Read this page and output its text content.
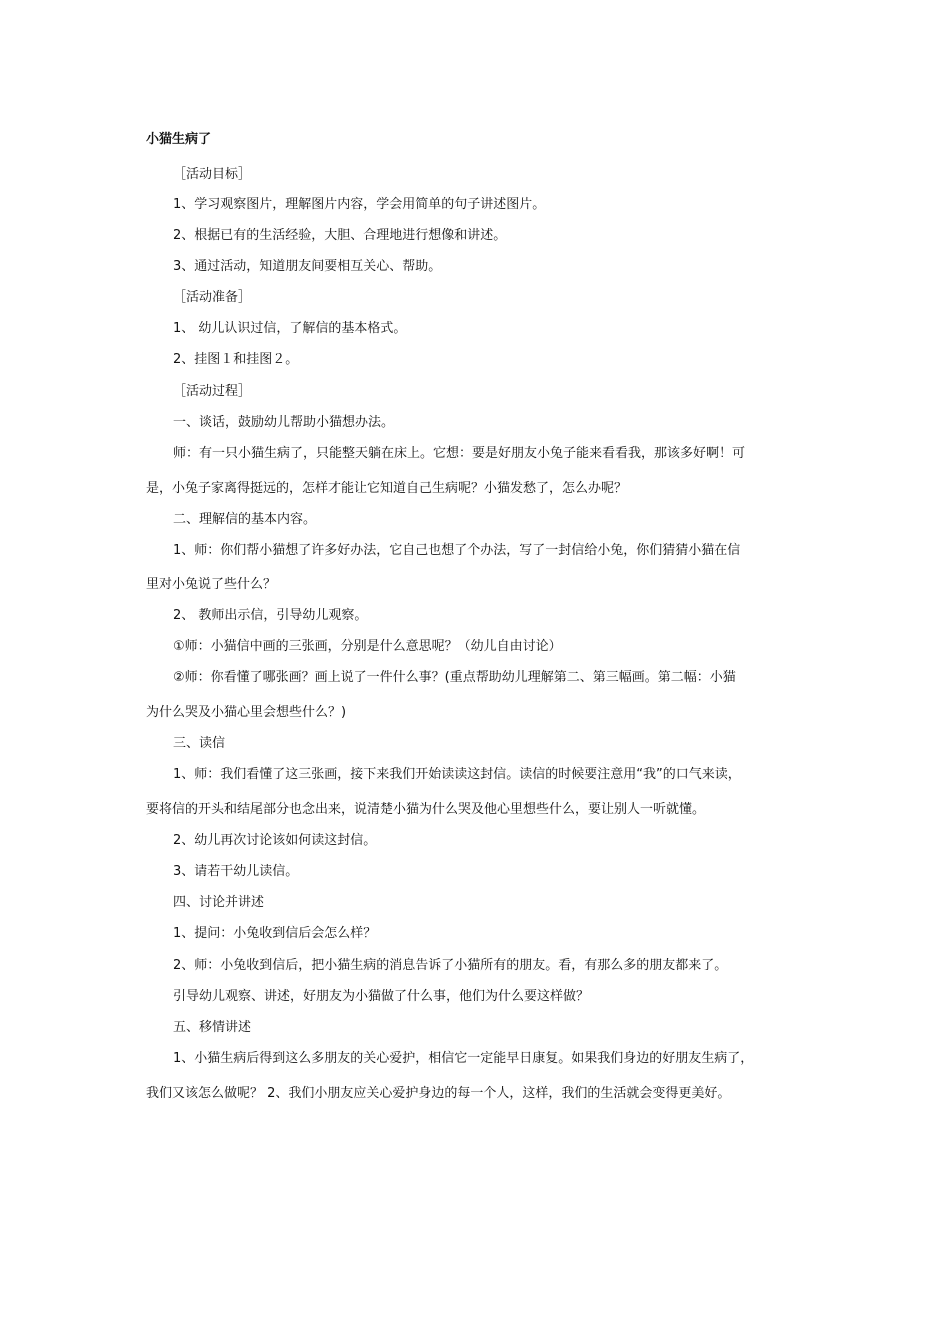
小猫生病了
［活动目标］
1、学习观察图片，理解图片内容，学会用简单的句子讲述图片。
2、根据已有的生活经验，大胆、合理地进行想像和讲述。
3、通过活动，知道朋友间要相互关心、帮助。
［活动准备］
1、 幼儿认识过信，了解信的基本格式。
2、挂图１和挂图２。
［活动过程］
一、谈话，鼓励幼儿帮助小猫想办法。
师：有一只小猫生病了，只能整天躺在床上。它想：要是好朋友小兔子能来看看我，那该多好啊！可
是，小兔子家离得挺远的，怎样才能让它知道自己生病呢？小猫发愁了，怎么办呢？
二、理解信的基本内容。
1、师：你们帮小猫想了许多好办法，它自己也想了个办法，写了一封信给小兔，你们猜猜小猫在信
里对小兔说了些什么？
2、 教师出示信，引导幼儿观察。
①师：小猫信中画的三张画，分别是什么意思呢？（幼儿自由讨论）
②师：你看懂了哪张画？画上说了一件什么事？(重点帮助幼儿理解第二、第三幅画。第二幅：小猫
为什么哭及小猫心里会想些什么？)
三、读信
1、师：我们看懂了这三张画，接下来我们开始读读这封信。读信的时候要注意用“我”的口气来读，
要将信的开头和结尾部分也念出来，说清楚小猫为什么哭及他心里想些什么，要让别人一听就懂。
2、幼儿再次讨论该如何读这封信。
3、请若干幼儿读信。
四、讨论并讲述
1、提问：小兔收到信后会怎么样？
2、师：小兔收到信后，把小猫生病的消息告诉了小猫所有的朋友。看，有那么多的朋友都来了。
引导幼儿观察、讲述，好朋友为小猫做了什么事，他们为什么要这样做？
五、移情讲述
1、小猫生病后得到这么多朋友的关心爱护，相信它一定能早日康复。如果我们身边的好朋友生病了，
我们又该怎么做呢？ 2、我们小朋友应关心爱护身边的每一个人，这样，我们的生活就会变得更美好。
